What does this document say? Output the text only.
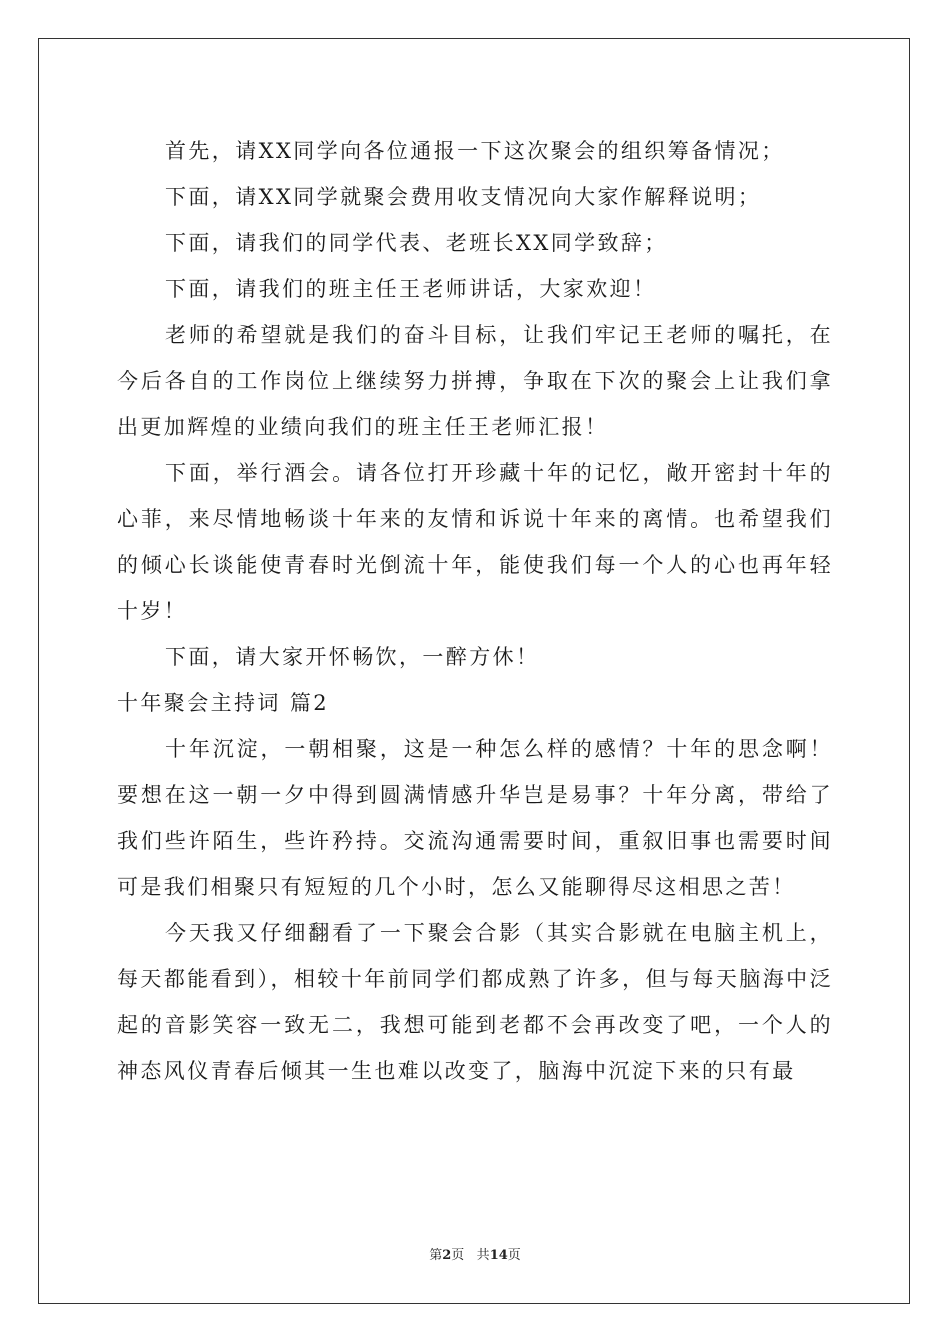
首先，请XX同学向各位通报一下这次聚会的组织筹备情况；

下面，请XX同学就聚会费用收支情况向大家作解释说明；

下面，请我们的同学代表、老班长XX同学致辞；

下面，请我们的班主任王老师讲话，大家欢迎！

老师的希望就是我们的奋斗目标，让我们牢记王老师的嘱托，在今后各自的工作岗位上继续努力拼搏，争取在下次的聚会上让我们拿出更加辉煌的业绩向我们的班主任王老师汇报！

下面，举行酒会。请各位打开珍藏十年的记忆，敞开密封十年的心菲，来尽情地畅谈十年来的友情和诉说十年来的离情。也希望我们的倾心长谈能使青春时光倒流十年，能使我们每一个人的心也再年轻十岁！

下面，请大家开怀畅饮，一醉方休！

十年聚会主持词 篇2

十年沉淀，一朝相聚，这是一种怎么样的感情？十年的思念啊！要想在这一朝一夕中得到圆满情感升华岂是易事？十年分离，带给了我们些许陌生，些许矜持。交流沟通需要时间，重叙旧事也需要时间可是我们相聚只有短短的几个小时，怎么又能聊得尽这相思之苦！

今天我又仔细翻看了一下聚会合影（其实合影就在电脑主机上，每天都能看到），相较十年前同学们都成熟了许多，但与每天脑海中泛起的音影笑容一致无二，我想可能到老都不会再改变了吧，一个人的神态风仪青春后倾其一生也难以改变了，脑海中沉淀下来的只有最

第2页 共14页
